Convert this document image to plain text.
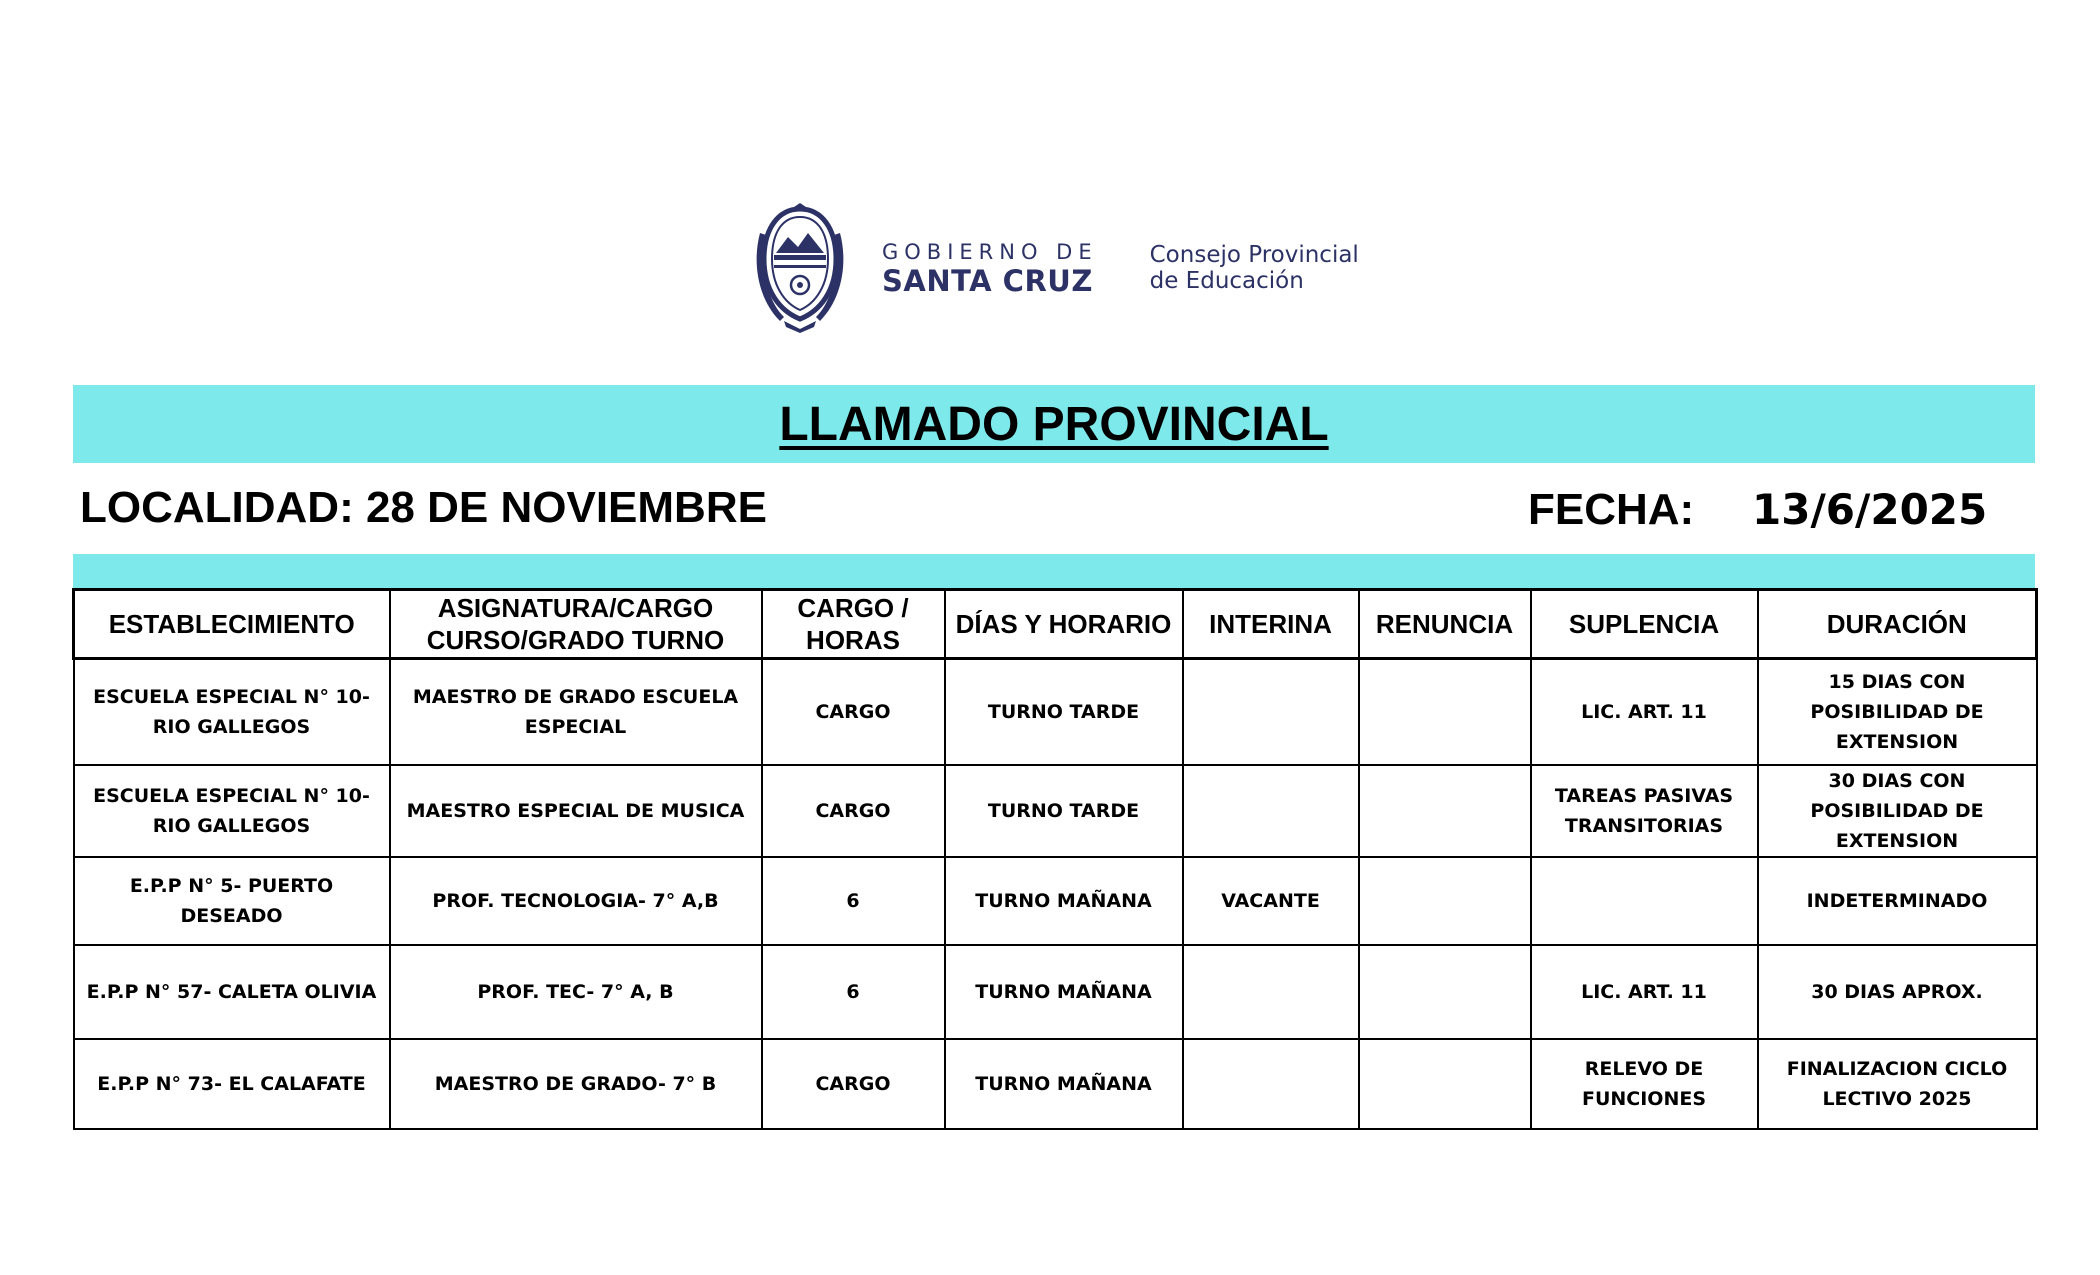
GOBIERNO DE
SANTA CRUZ
Consejo Provincial
de Educación
LLAMADO PROVINCIAL
LOCALIDAD: 28 DE NOVIEMBRE	FECHA: 13/6/2025
ESTABLECIMIENTO	ASIGNATURA/CARGO CURSO/GRADO TURNO	CARGO / HORAS	DÍAS Y HORARIO	INTERINA	RENUNCIA	SUPLENCIA	DURACIÓN
ESCUELA ESPECIAL N° 10- RIO GALLEGOS	MAESTRO DE GRADO ESCUELA ESPECIAL	CARGO	TURNO TARDE			LIC. ART. 11	15 DIAS CON POSIBILIDAD DE EXTENSION
ESCUELA ESPECIAL N° 10- RIO GALLEGOS	MAESTRO ESPECIAL DE MUSICA	CARGO	TURNO TARDE			TAREAS PASIVAS TRANSITORIAS	30 DIAS CON POSIBILIDAD DE EXTENSION
E.P.P N° 5- PUERTO DESEADO	PROF. TECNOLOGIA- 7° A,B	6	TURNO MAÑANA	VACANTE			INDETERMINADO
E.P.P N° 57- CALETA OLIVIA	PROF. TEC- 7° A, B	6	TURNO MAÑANA			LIC. ART. 11	30 DIAS APROX.
E.P.P N° 73- EL CALAFATE	MAESTRO DE GRADO- 7° B	CARGO	TURNO MAÑANA			RELEVO DE FUNCIONES	FINALIZACION CICLO LECTIVO 2025
